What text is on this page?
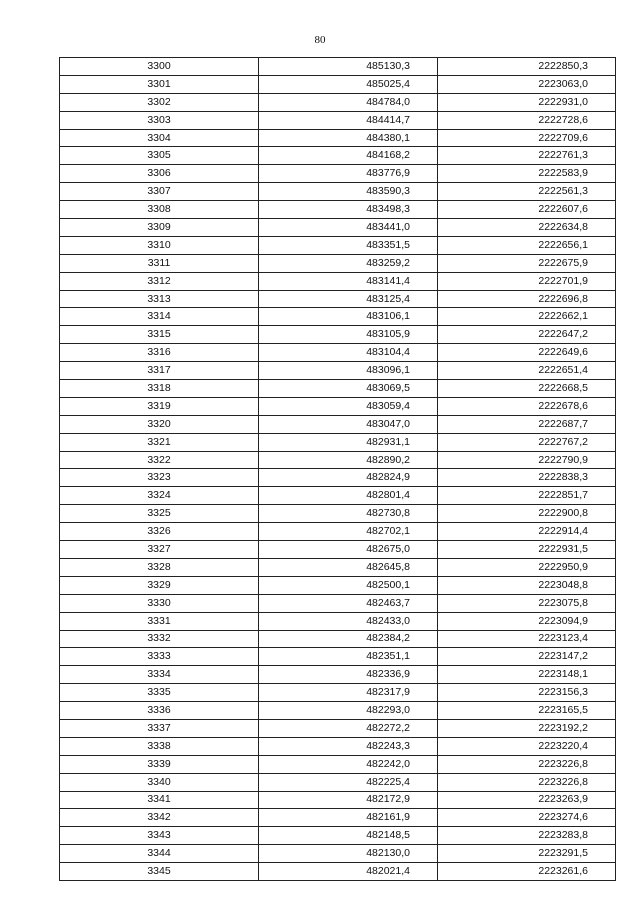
80
3300	485130,3	2222850,3
3301	485025,4	2223063,0
3302	484784,0	2222931,0
3303	484414,7	2222728,6
3304	484380,1	2222709,6
3305	484168,2	2222761,3
3306	483776,9	2222583,9
3307	483590,3	2222561,3
3308	483498,3	2222607,6
3309	483441,0	2222634,8
3310	483351,5	2222656,1
3311	483259,2	2222675,9
3312	483141,4	2222701,9
3313	483125,4	2222696,8
3314	483106,1	2222662,1
3315	483105,9	2222647,2
3316	483104,4	2222649,6
3317	483096,1	2222651,4
3318	483069,5	2222668,5
3319	483059,4	2222678,6
3320	483047,0	2222687,7
3321	482931,1	2222767,2
3322	482890,2	2222790,9
3323	482824,9	2222838,3
3324	482801,4	2222851,7
3325	482730,8	2222900,8
3326	482702,1	2222914,4
3327	482675,0	2222931,5
3328	482645,8	2222950,9
3329	482500,1	2223048,8
3330	482463,7	2223075,8
3331	482433,0	2223094,9
3332	482384,2	2223123,4
3333	482351,1	2223147,2
3334	482336,9	2223148,1
3335	482317,9	2223156,3
3336	482293,0	2223165,5
3337	482272,2	2223192,2
3338	482243,3	2223220,4
3339	482242,0	2223226,8
3340	482225,4	2223226,8
3341	482172,9	2223263,9
3342	482161,9	2223274,6
3343	482148,5	2223283,8
3344	482130,0	2223291,5
3345	482021,4	2223261,6
